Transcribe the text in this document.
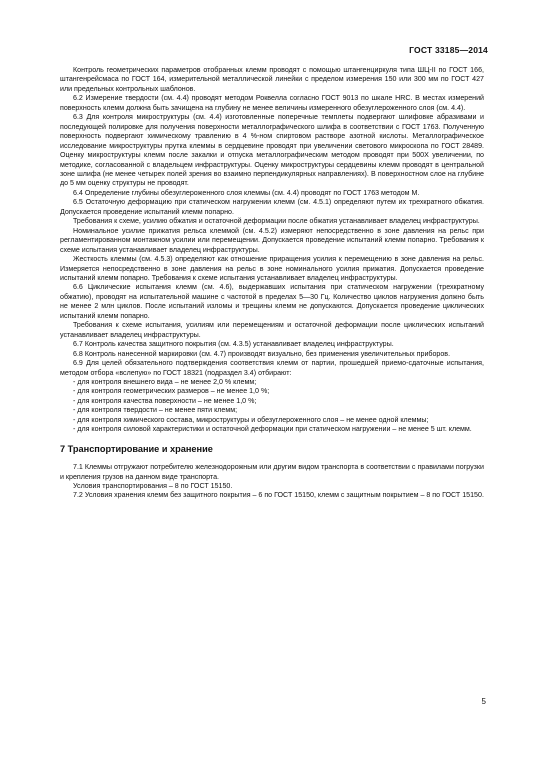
ГОСТ 33185—2014

Контроль геометрических параметров отобранных клемм проводят с помощью штангенциркуля типа ШЦ-II по ГОСТ 166, штангенрейсмаса по ГОСТ 164, измерительной металлической линейки с пределом измерения 150 или 300 мм по ГОСТ 427 или предельных контрольных шаблонов.

6.2 Измерение твердости (см. 4.4) проводят методом Роквелла согласно ГОСТ 9013 по шкале HRC. В местах измерений поверхность клемм должна быть зачищена на глубину не менее величины измеренного обезуглероженного слоя (см. 4.4).

6.3 Для контроля микроструктуры (см. 4.4) изготовленные поперечные темплеты подвергают шлифовке абразивами и последующей полировке для получения поверхности металлографического шлифа в соответствии с ГОСТ 1763. Полученную поверхность подвергают химическому травлению в 4 %-ном спиртовом растворе азотной кислоты. Металлографическое исследование микроструктуры прутка клеммы в сердцевине проводят при увеличении светового микроскопа по ГОСТ 28489. Оценку микроструктуры клемм после закалки и отпуска металлографическим методом проводят при 500X увеличении, по методике, согласованной с владельцем инфраструктуры. Оценку микроструктуры сердцевины клемм проводят в центральной зоне шлифа (не менее четырех полей зрения во взаимно перпендикулярных направлениях). В поверхностном слое на глубине до 5 мм оценку структуры не проводят.

6.4 Определение глубины обезуглероженного слоя клеммы (см. 4.4) проводят по ГОСТ 1763 методом М.

6.5 Остаточную деформацию при статическом нагружении клемм (см. 4.5.1) определяют путем их трехкратного обжатия. Допускается проведение испытаний клемм попарно.

Требования к схеме, усилию обжатия и остаточной деформации после обжатия устанавливает владелец инфраструктуры.

Номинальное усилие прижатия рельса клеммой (см. 4.5.2) измеряют непосредственно в зоне давления на рельс при регламентированном монтажном усилии или перемещении. Допускается проведение испытаний клемм попарно. Требования к схеме испытания устанавливает владелец инфраструктуры.

Жесткость клеммы (см. 4.5.3) определяют как отношение приращения усилия к перемещению в зоне давления на рельс. Измеряется непосредственно в зоне давления на рельс в зоне номинального усилия прижатия. Допускается проведение испытаний клемм попарно. Требования к схеме испытания устанавливает владелец инфраструктуры.

6.6 Циклические испытания клемм (см. 4.6), выдержавших испытания при статическом нагружении (трехкратному обжатию), проводят на испытательной машине с частотой в пределах 5—30 Гц. Количество циклов нагружения должно быть не менее 2 млн циклов. После испытаний изломы и трещины клемм не допускаются. Допускается проведение циклических испытаний клемм попарно.

Требования к схеме испытания, усилиям или перемещениям и остаточной деформации после циклических испытаний устанавливает владелец инфраструктуры.

6.7 Контроль качества защитного покрытия (см. 4.3.5) устанавливает владелец инфраструктуры.

6.8 Контроль нанесенной маркировки (см. 4.7) производят визуально, без применения увеличительных приборов.

6.9 Для целей обязательного подтверждения соответствия клемм от партии, прошедшей приемо-сдаточные испытания, методом отбора «вслепую» по ГОСТ 18321 (подраздел 3.4) отбирают:

- для контроля внешнего вида – не менее 2,0 % клемм;

- для контроля геометрических размеров – не менее 1,0 %;

- для контроля качества поверхности – не менее 1,0 %;

- для контроля твердости – не менее пяти клемм;

- для контроля химического состава, микроструктуры и обезуглероженного слоя – не менее одной клеммы;

- для контроля силовой характеристики и остаточной деформации при статическом нагружении – не менее 5 шт. клемм.

7 Транспортирование и хранение

7.1 Клеммы отгружают потребителю железнодорожным или другим видом транспорта в соответствии с правилами погрузки и крепления грузов на данном виде транспорта.

Условия транспортирования – 8 по ГОСТ 15150.

7.2 Условия хранения клемм без защитного покрытия – 6 по ГОСТ 15150, клемм с защитным покрытием – 8 по ГОСТ 15150.

5
